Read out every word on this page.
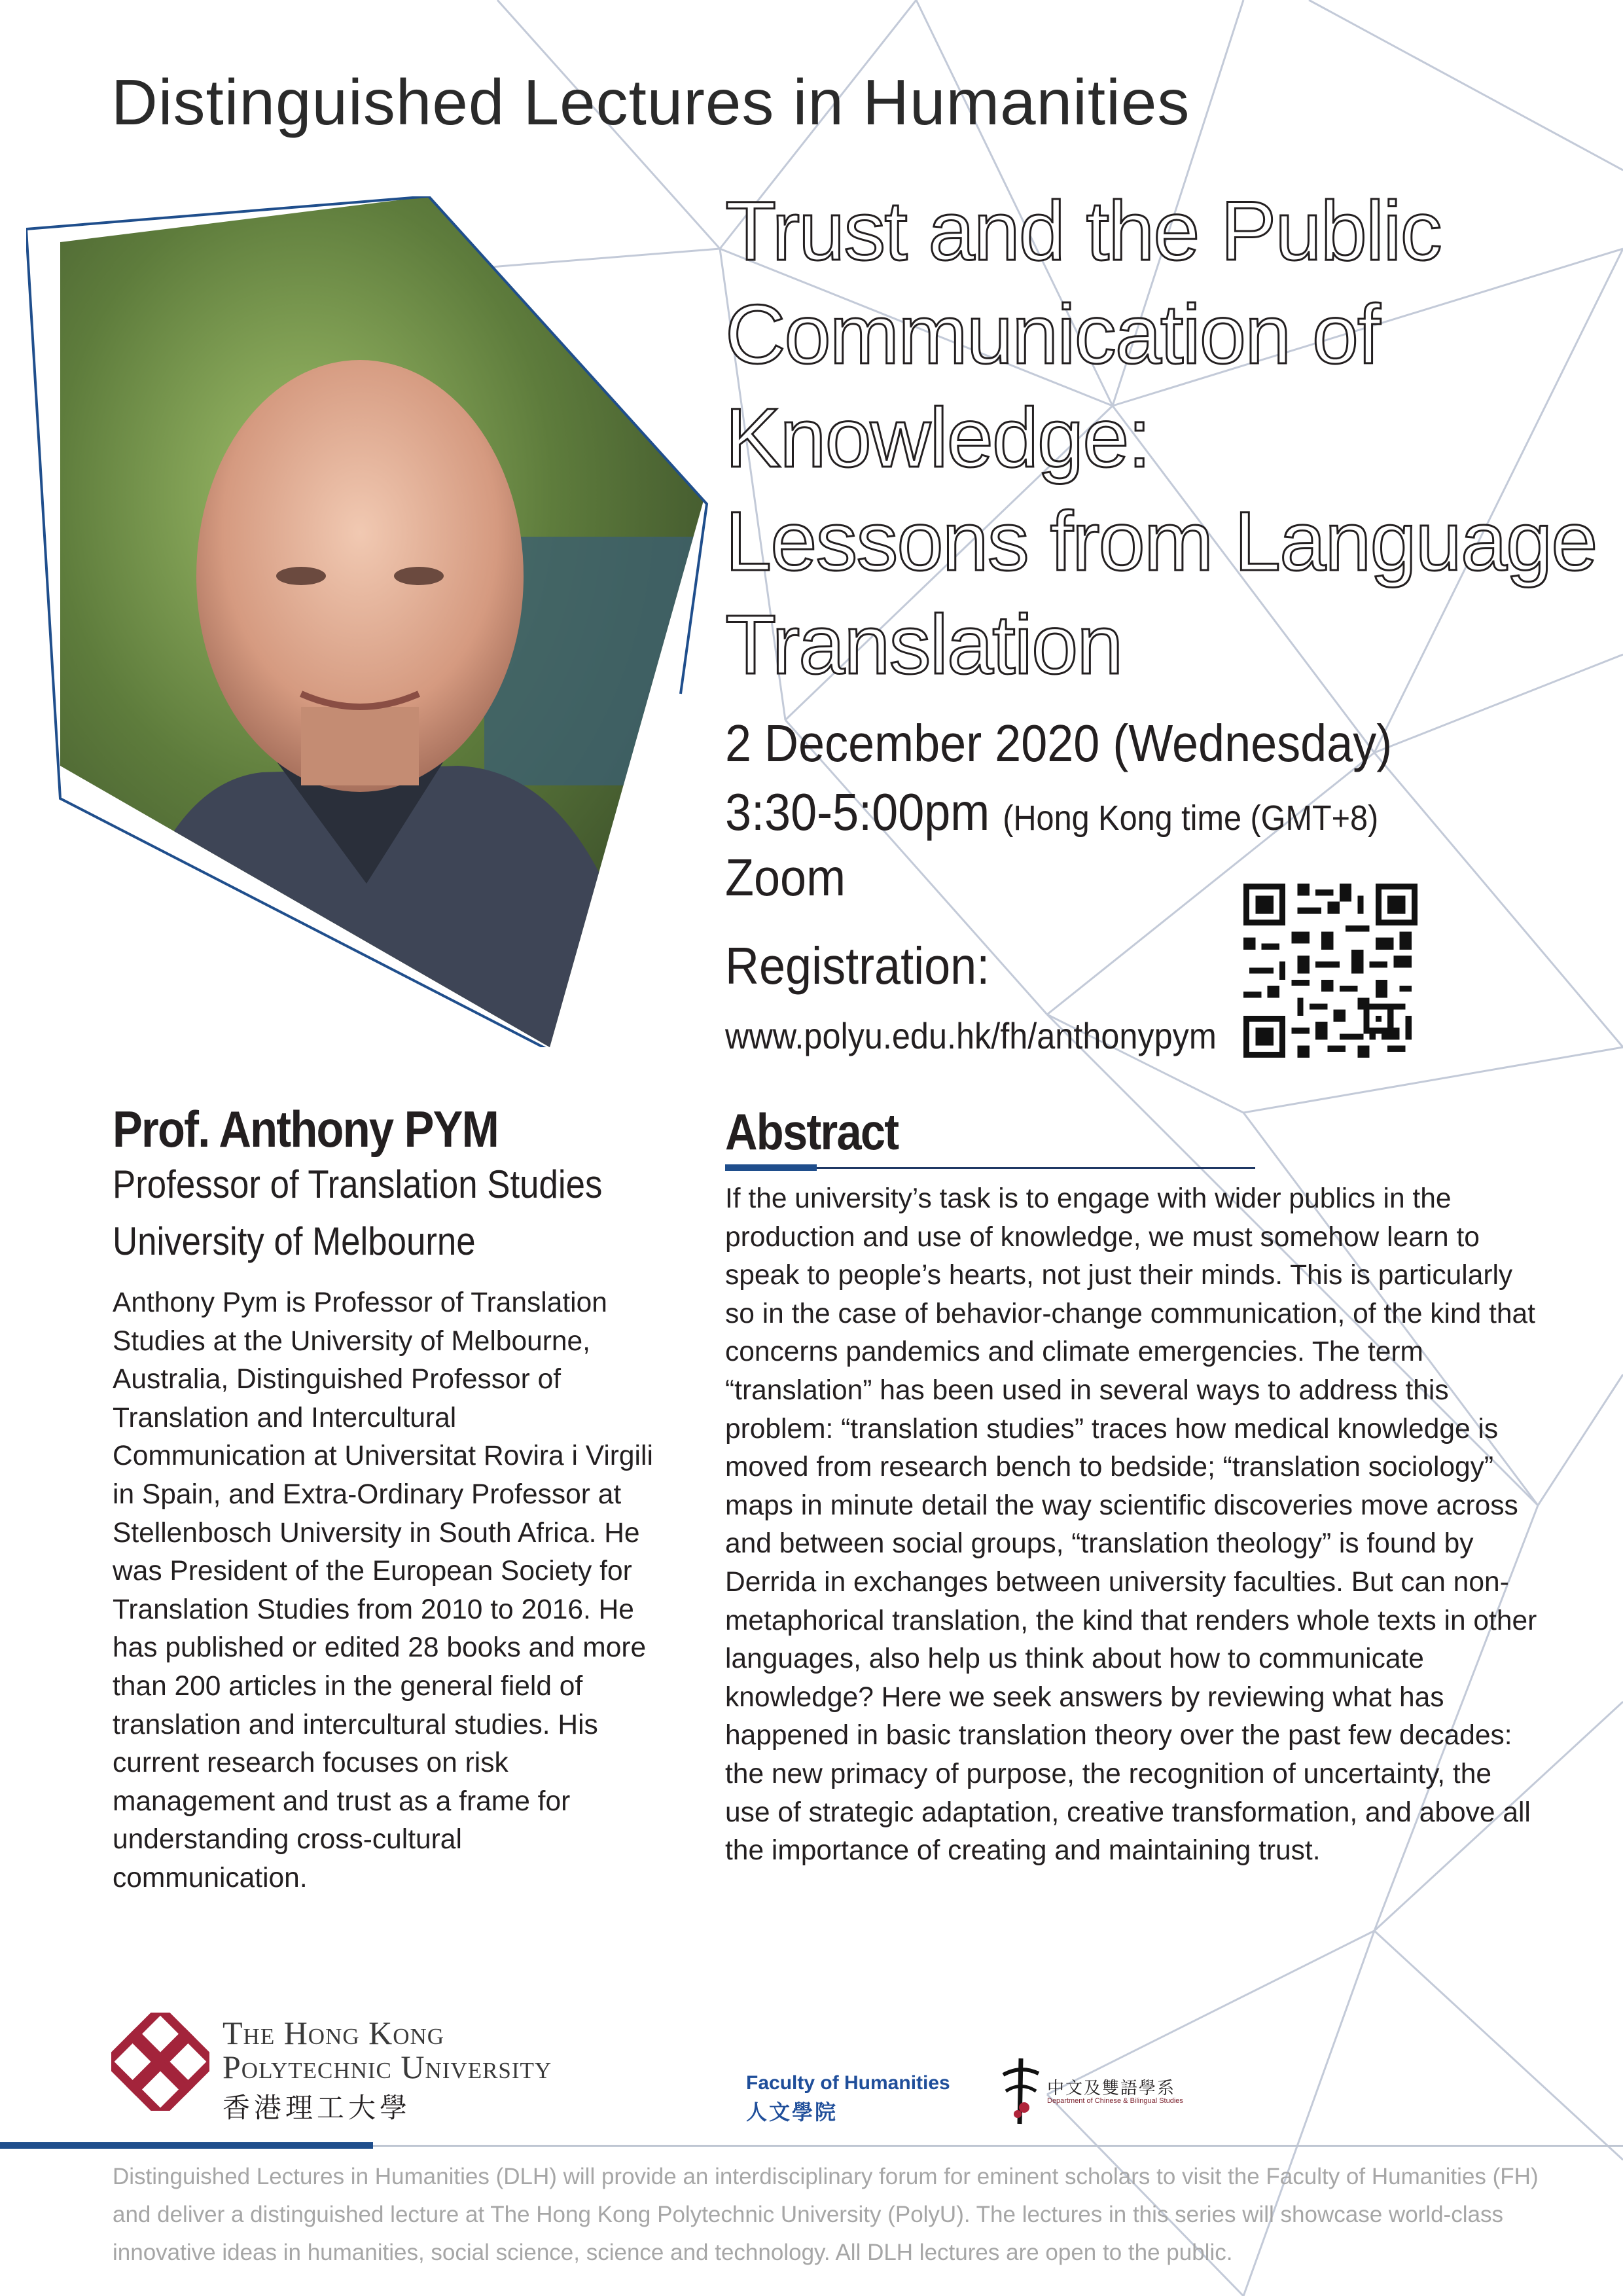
Distinguished Lectures in Humanities
Trust and the Public
Communication of
Knowledge:
Lessons from Language
Translation
2 December 2020 (Wednesday)
3:30-5:00pm (Hong Kong time (GMT+8)
Zoom
Registration:
www.polyu.edu.hk/fh/anthonypym
Prof. Anthony PYM
Professor of Translation Studies
University of Melbourne
Anthony Pym is Professor of Translation Studies at the University of Melbourne, Australia, Distinguished Professor of Translation and Intercultural Communication at Universitat Rovira i Virgili in Spain, and Extra-Ordinary Professor at Stellenbosch University in South Africa. He was President of the European Society for Translation Studies from 2010 to 2016. He has published or edited 28 books and more than 200 articles in the general field of translation and intercultural studies. His current research focuses on risk management and trust as a frame for understanding cross-cultural communication.
Abstract
If the university’s task is to engage with wider publics in the production and use of knowledge, we must somehow learn to speak to people’s hearts, not just their minds. This is particularly so in the case of behavior-change communication, of the kind that concerns pandemics and climate emergencies. The term “translation” has been used in several ways to address this problem: “translation studies” traces how medical knowledge is moved from research bench to bedside; “translation sociology” maps in minute detail the way scientific discoveries move across and between social groups, “translation theology” is found by Derrida in exchanges between university faculties. But can non-metaphorical translation, the kind that renders whole texts in other languages, also help us think about how to communicate knowledge? Here we seek answers by reviewing what has happened in basic translation theory over the past few decades: the new primacy of purpose, the recognition of uncertainty, the use of strategic adaptation, creative transformation, and above all the importance of creating and maintaining trust.
The Hong Kong
Polytechnic University
香港理工大學
Faculty of Humanities
人文學院
中文及雙語學系
Department of Chinese & Bilingual Studies
Distinguished Lectures in Humanities (DLH) will provide an interdisciplinary forum for eminent scholars to visit the Faculty of Humanities (FH) and deliver a distinguished lecture at The Hong Kong Polytechnic University (PolyU). The lectures in this series will showcase world-class innovative ideas in humanities, social science, science and technology. All DLH lectures are open to the public.
